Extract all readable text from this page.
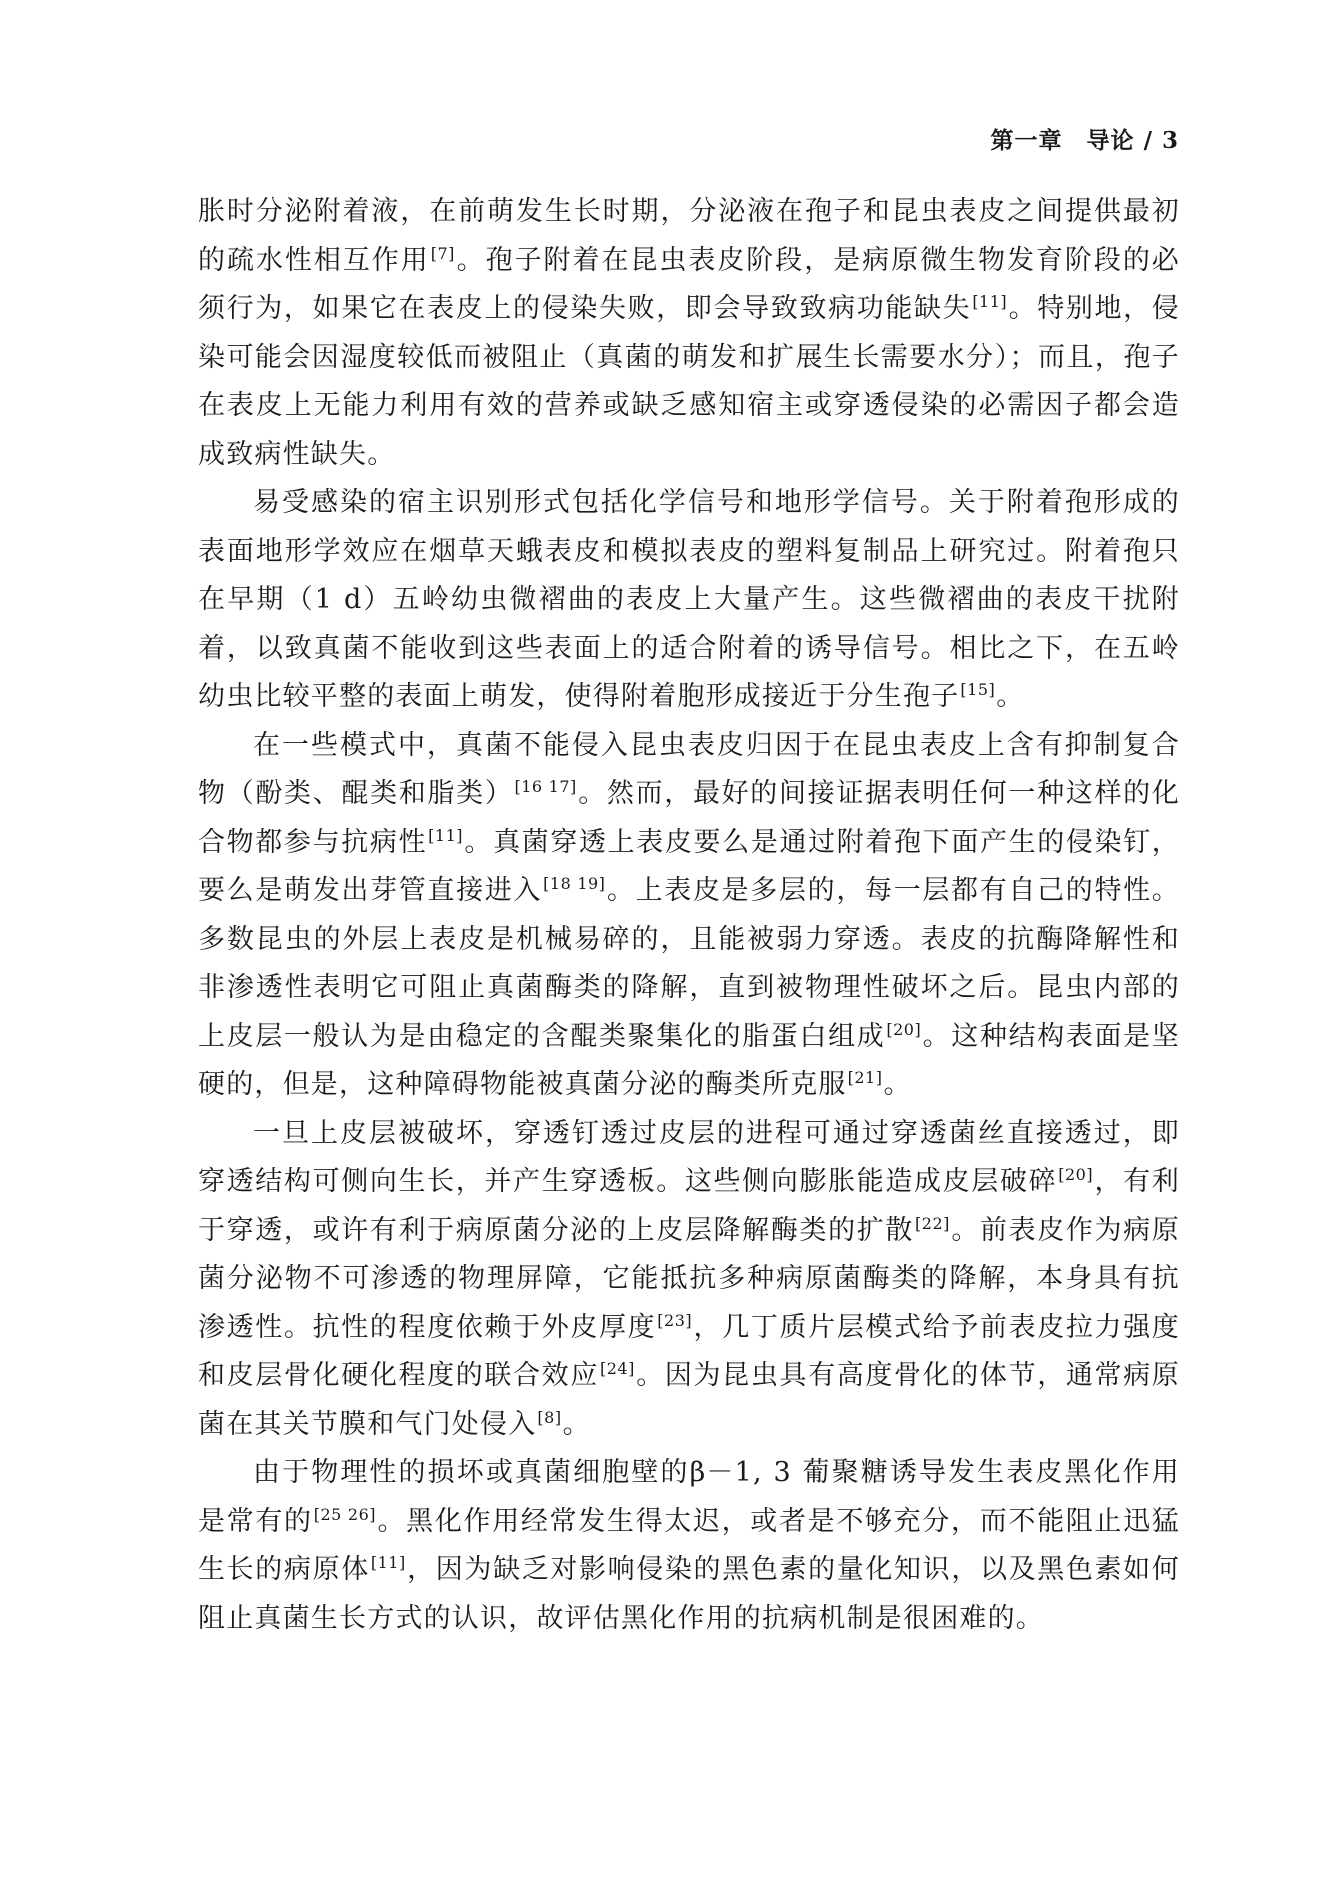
第一章 导论 / 3

胀时分泌附着液，在前萌发生长时期，分泌液在孢子和昆虫表皮之间提供最初的疏水性相互作用[7]。孢子附着在昆虫表皮阶段，是病原微生物发育阶段的必须行为，如果它在表皮上的侵染失败，即会导致致病功能缺失[11]。特别地，侵染可能会因湿度较低而被阻止（真菌的萌发和扩展生长需要水分）；而且，孢子在表皮上无能力利用有效的营养或缺乏感知宿主或穿透侵染的必需因子都会造成致病性缺失。

易受感染的宿主识别形式包括化学信号和地形学信号。关于附着孢形成的表面地形学效应在烟草天蛾表皮和模拟表皮的塑料复制品上研究过。附着孢只在早期（1 d）五岭幼虫微褶曲的表皮上大量产生。这些微褶曲的表皮干扰附着，以致真菌不能收到这些表面上的适合附着的诱导信号。相比之下，在五岭幼虫比较平整的表面上萌发，使得附着胞形成接近于分生孢子[15]。

在一些模式中，真菌不能侵入昆虫表皮归因于在昆虫表皮上含有抑制复合物（酚类、醌类和脂类）[16 17]。然而，最好的间接证据表明任何一种这样的化合物都参与抗病性[11]。真菌穿透上表皮要么是通过附着孢下面产生的侵染钉，要么是萌发出芽管直接进入[18 19]。上表皮是多层的，每一层都有自己的特性。多数昆虫的外层上表皮是机械易碎的，且能被弱力穿透。表皮的抗酶降解性和非渗透性表明它可阻止真菌酶类的降解，直到被物理性破坏之后。昆虫内部的上皮层一般认为是由稳定的含醌类聚集化的脂蛋白组成[20]。这种结构表面是坚硬的，但是，这种障碍物能被真菌分泌的酶类所克服[21]。

一旦上皮层被破坏，穿透钉透过皮层的进程可通过穿透菌丝直接透过，即穿透结构可侧向生长，并产生穿透板。这些侧向膨胀能造成皮层破碎[20]，有利于穿透，或许有利于病原菌分泌的上皮层降解酶类的扩散[22]。前表皮作为病原菌分泌物不可渗透的物理屏障，它能抵抗多种病原菌酶类的降解，本身具有抗渗透性。抗性的程度依赖于外皮厚度[23]，几丁质片层模式给予前表皮拉力强度和皮层骨化硬化程度的联合效应[24]。因为昆虫具有高度骨化的体节，通常病原菌在其关节膜和气门处侵入[8]。

由于物理性的损坏或真菌细胞壁的β－1, 3 葡聚糖诱导发生表皮黑化作用是常有的[25 26]。黑化作用经常发生得太迟，或者是不够充分，而不能阻止迅猛生长的病原体[11]，因为缺乏对影响侵染的黑色素的量化知识，以及黑色素如何阻止真菌生长方式的认识，故评估黑化作用的抗病机制是很困难的。
